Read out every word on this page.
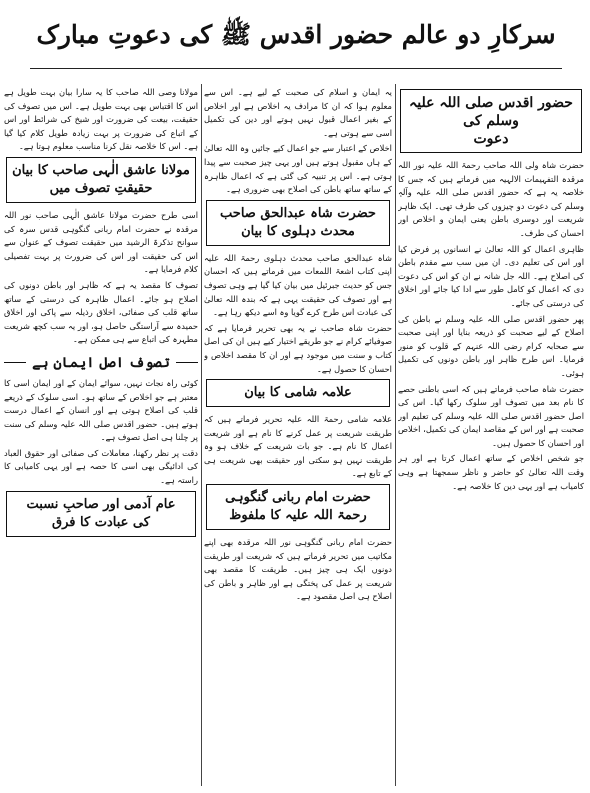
سرکارِ دو عالم حضور اقدس ﷺ کی دعوتِ مبارک
حضور اقدس صلی اللہ علیہ وسلم کی
دعوت

حضرت شاہ ولی اللہ صاحب رحمۃ اللہ علیہ نور اللہ مرقدہ التفہیمات الالہیہ میں فرماتے ہیں کہ جس کا خلاصہ یہ ہے کہ حضور اقدس صلی اللہ علیہ وآلہٖ وسلم کی دعوت دو چیزوں کی طرف تھی۔ ایک ظاہر شریعت اور دوسری باطن یعنی ایمان و اخلاص اور احسان کی طرف۔

ظاہری اعمال کو اللہ تعالیٰ نے انسانوں پر فرض کیا اور اس کی تعلیم دی۔ ان میں سب سے مقدم باطن کی اصلاح ہے۔ اللہ جل شانہ نے ان کو اس کی دعوت دی کہ اعمال کو کامل طور سے ادا کیا جائے اور اخلاق کی درستی کی جائے۔

پھر حضور اقدس صلی اللہ علیہ وسلم نے باطن کی اصلاح کے لیے صحبت کو ذریعہ بنایا اور اپنی صحبت سے صحابہ کرام رضی اللہ عنہم کے قلوب کو منور فرمایا۔ اس طرح ظاہر اور باطن دونوں کی تکمیل ہوئی۔

حضرت شاہ صاحب فرماتے ہیں کہ اسی باطنی حصے کا نام بعد میں تصوف اور سلوک رکھا گیا۔ اس کی اصل حضور اقدس صلی اللہ علیہ وسلم کی تعلیم اور صحبت ہے اور اس کے مقاصد ایمان کی تکمیل، اخلاص اور احسان کا حصول ہیں۔

جو شخص اخلاص کے ساتھ اعمال کرتا ہے اور ہر وقت اللہ تعالیٰ کو حاضر و ناظر سمجھتا ہے وہی کامیاب ہے اور یہی دین کا خلاصہ ہے۔

یہ ایمان و اسلام کی صحبت کے لیے ہے۔ اس سے معلوم ہوا کہ ان کا مرادف یہ اخلاص ہے اور اخلاص کے بغیر اعمال قبول نہیں ہوتے اور دین کی تکمیل اسی سے ہوتی ہے۔

اخلاص کے اعتبار سے جو اعمال کیے جائیں وہ اللہ تعالیٰ کے ہاں مقبول ہوتے ہیں اور یہی چیز صحبت سے پیدا ہوتی ہے۔ اس پر تنبیہ کی گئی ہے کہ اعمال ظاہرہ کے ساتھ ساتھ باطن کی اصلاح بھی ضروری ہے۔

حضرت شاہ عبدالحق صاحب
محدث دہلوی کا بیان

شاہ عبدالحق صاحب محدث دہلوی رحمۃ اللہ علیہ اپنی کتاب اشعۃ اللمعات میں فرماتے ہیں کہ احسان جس کو حدیث جبرئیل میں بیان کیا گیا ہے وہی تصوف ہے اور تصوف کی حقیقت یہی ہے کہ بندہ اللہ تعالیٰ کی عبادت اس طرح کرے گویا وہ اسے دیکھ رہا ہے۔

حضرت شاہ صاحب نے یہ بھی تحریر فرمایا ہے کہ صوفیائے کرام نے جو طریقے اختیار کیے ہیں ان کی اصل کتاب و سنت میں موجود ہے اور ان کا مقصد اخلاص و احسان کا حصول ہے۔

علامہ شامی کا بیان

علامہ شامی رحمۃ اللہ علیہ تحریر فرماتے ہیں کہ طریقت شریعت پر عمل کرنے کا نام ہے اور شریعت اعمال کا نام ہے۔ جو بات شریعت کے خلاف ہو وہ طریقت نہیں ہو سکتی اور حقیقت بھی شریعت ہی کے تابع ہے۔

حضرت امام ربانی گنگوہی
رحمۃ اللہ علیہ کا ملفوظ

حضرت امام ربانی گنگوہی نور اللہ مرقدہ بھی اپنے مکاتیب میں تحریر فرماتے ہیں کہ شریعت اور طریقت دونوں ایک ہی چیز ہیں۔ طریقت کا مقصد بھی شریعت پر عمل کی پختگی ہے اور ظاہر و باطن کی اصلاح ہی اصل مقصود ہے۔

مولانا وصی اللہ صاحب کا یہ سارا بیان بہت طویل ہے اس کا اقتباس بھی بہت طویل ہے۔ اس میں تصوف کی حقیقت، بیعت کی ضرورت اور شیخ کی شرائط اور اس کے اتباع کی ضرورت پر بہت زیادہ طویل کلام کیا گیا ہے۔ اس کا خلاصہ نقل کرنا مناسب معلوم ہوتا ہے۔

مولانا عاشق الٰہی صاحب کا بیان
حقیقتِ تصوف میں

اسی طرح حضرت مولانا عاشق الٰہی صاحب نور اللہ مرقدہ نے حضرت امام ربانی گنگوہی قدس سرہ کی سوانح تذکرۃ الرشید میں حقیقت تصوف کے عنوان سے اس کی حقیقت اور اس کی ضرورت پر بہت تفصیلی کلام فرمایا ہے۔

تصوف کا مقصد یہ ہے کہ ظاہر اور باطن دونوں کی اصلاح ہو جائے۔ اعمال ظاہرہ کی درستی کے ساتھ ساتھ قلب کی صفائی، اخلاق رذیلہ سے پاکی اور اخلاق حمیدہ سے آراستگی حاصل ہو، اور یہ سب کچھ شریعت مطہرہ کی اتباع سے ہی ممکن ہے۔

تصوف اصل ایمان ہے

کوئی راہ نجات نہیں، سوائے ایمان کے اور ایمان اسی کا معتبر ہے جو اخلاص کے ساتھ ہو۔ اسی سلوک کے ذریعے قلب کی اصلاح ہوتی ہے اور انسان کے اعمال درست ہوتے ہیں۔ حضور اقدس صلی اللہ علیہ وسلم کی سنت پر چلنا ہی اصل تصوف ہے۔

دقت پر نظر رکھنا، معاملات کی صفائی اور حقوق العباد کی ادائیگی بھی اسی کا حصہ ہے اور یہی کامیابی کا راستہ ہے۔

عام آدمی اور صاحبِ نسبت
کی عبادت کا فرق
